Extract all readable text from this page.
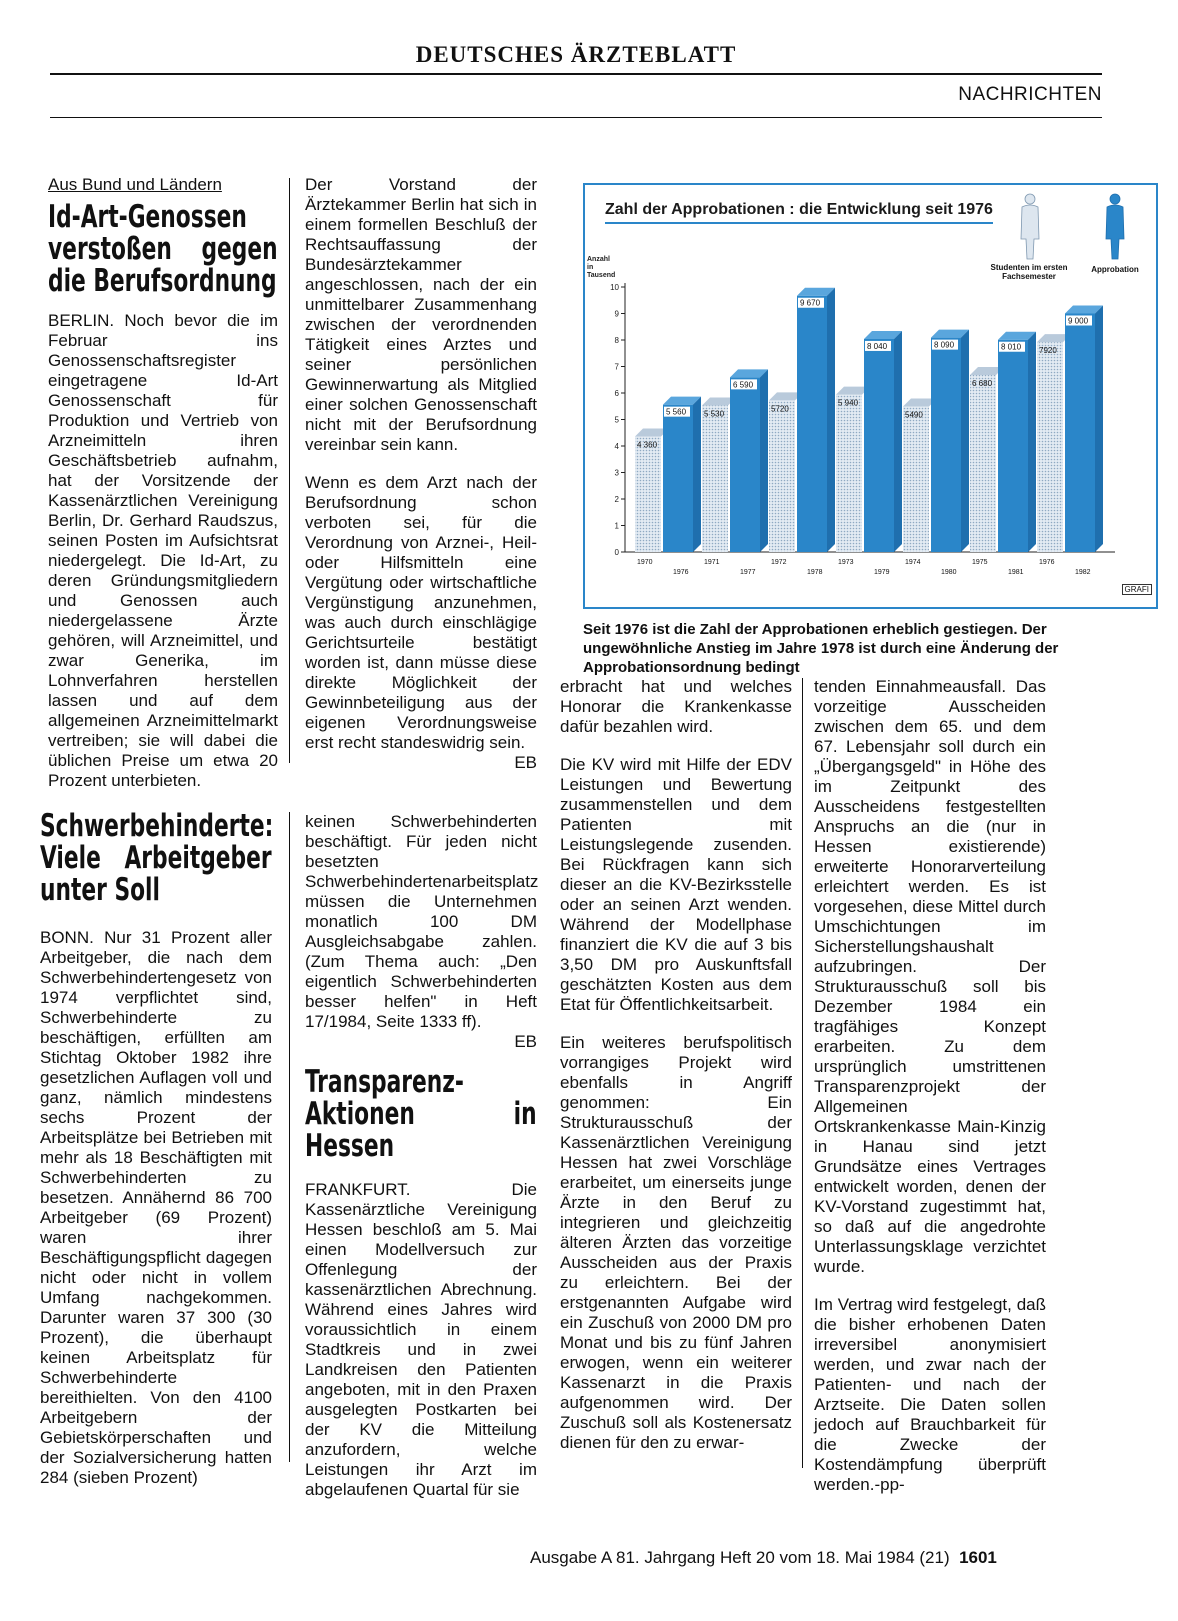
DEUTSCHES ÄRZTEBLATT
NACHRICHTEN
Aus Bund und Ländern
Id-Art-Genossen verstoßen gegen die Berufsordnung

BERLIN. Noch bevor die im Februar ins Genossenschaftsregister eingetragene Id-Art Genossenschaft für Produktion und Vertrieb von Arzneimitteln ihren Geschäftsbetrieb aufnahm, hat der Vorsitzende der Kassenärztlichen Vereinigung Berlin, Dr. Gerhard Raudszus, seinen Posten im Aufsichtsrat niedergelegt. Die Id-Art, zu deren Gründungsmitgliedern und Genossen auch niedergelassene Ärzte gehören, will Arzneimittel, und zwar Generika, im Lohnverfahren herstellen lassen und auf dem allgemeinen Arzneimittelmarkt vertreiben; sie will dabei die üblichen Preise um etwa 20 Prozent unterbieten.

Der Vorstand der Ärztekammer Berlin hat sich in einem formellen Beschluß der Rechtsauffassung der Bundesärztekammer angeschlossen, nach der ein unmittelbarer Zusammenhang zwischen der verordnenden Tätigkeit eines Arztes und seiner persönlichen Gewinnerwartung als Mitglied einer solchen Genossenschaft nicht mit der Berufsordnung vereinbar sein kann.

Wenn es dem Arzt nach der Berufsordnung schon verboten sei, für die Verordnung von Arznei-, Heil- oder Hilfsmitteln eine Vergütung oder wirtschaftliche Vergünstigung anzunehmen, was auch durch einschlägige Gerichtsurteile bestätigt worden ist, dann müsse diese direkte Möglichkeit der Gewinnbeteiligung aus der eigenen Verordnungsweise erst recht standeswidrig sein.

EB
Schwerbehinderte: Viele Arbeitgeber unter Soll

BONN. Nur 31 Prozent aller Arbeitgeber, die nach dem Schwerbehindertengesetz von 1974 verpflichtet sind, Schwerbehinderte zu beschäftigen, erfüllten am Stichtag Oktober 1982 ihre gesetzlichen Auflagen voll und ganz, nämlich mindestens sechs Prozent der Arbeitsplätze bei Betrieben mit mehr als 18 Beschäftigten mit Schwerbehinderten zu besetzen. Annähernd 86 700 Arbeitgeber (69 Prozent) waren ihrer Beschäftigungspflicht dagegen nicht oder nicht in vollem Umfang nachgekommen. Darunter waren 37 300 (30 Prozent), die überhaupt keinen Arbeitsplatz für Schwerbehinderte bereithielten. Von den 4100 Arbeitgebern der Gebietskörperschaften und der Sozialversicherung hatten 284 (sieben Prozent)

keinen Schwerbehinderten beschäftigt. Für jeden nicht besetzten Schwerbehindertenarbeitsplatz müssen die Unternehmen monatlich 100 DM Ausgleichsabgabe zahlen. (Zum Thema auch: „Den eigentlich Schwerbehinderten besser helfen" in Heft 17/1984, Seite 1333 ff).

EB
Transparenz-Aktionen in Hessen

FRANKFURT. Die Kassenärztliche Vereinigung Hessen beschloß am 5. Mai einen Modellversuch zur Offenlegung der kassenärztlichen Abrechnung. Während eines Jahres wird voraussichtlich in einem Stadtkreis und in zwei Landkreisen den Patienten angeboten, mit in den Praxen ausgelegten Postkarten bei der KV die Mitteilung anzufordern, welche Leistungen ihr Arzt im abgelaufenen Quartal für sie

Zahl der Approbationen : die Entwicklung seit 1976
Anzahl
in
Tausend
0
1
2
3
4
5
6
7
8
9
10
4 360
5 560
1970
1976
5 530
6 590
1971
1977
5720
9 670
1972
1978
5 940
8 040
1973
1979
5490
8 090
1974
1980
6 680
8 010
1975
1981
7920
9 000
1976
1982
Studenten im ersten Fachsemester
Approbation
GRAFI
Seit 1976 ist die Zahl der Approbationen erheblich gestiegen. Der ungewöhnliche Anstieg im Jahre 1978 ist durch eine Änderung der Approbationsordnung bedingt

erbracht hat und welches Honorar die Krankenkasse dafür bezahlen wird.

Die KV wird mit Hilfe der EDV Leistungen und Bewertung zusammenstellen und dem Patienten mit Leistungslegende zusenden. Bei Rückfragen kann sich dieser an die KV-Bezirksstelle oder an seinen Arzt wenden. Während der Modellphase finanziert die KV die auf 3 bis 3,50 DM pro Auskunftsfall geschätzten Kosten aus dem Etat für Öffentlichkeitsarbeit.

Ein weiteres berufspolitisch vorrangiges Projekt wird ebenfalls in Angriff genommen: Ein Strukturausschuß der Kassenärztlichen Vereinigung Hessen hat zwei Vorschläge erarbeitet, um einerseits junge Ärzte in den Beruf zu integrieren und gleichzeitig älteren Ärzten das vorzeitige Ausscheiden aus der Praxis zu erleichtern. Bei der erstgenannten Aufgabe wird ein Zuschuß von 2000 DM pro Monat und bis zu fünf Jahren erwogen, wenn ein weiterer Kassenarzt in die Praxis aufgenommen wird. Der Zuschuß soll als Kostenersatz dienen für den zu erwar-

tenden Einnahmeausfall. Das vorzeitige Ausscheiden zwischen dem 65. und dem 67. Lebensjahr soll durch ein „Übergangsgeld" in Höhe des im Zeitpunkt des Ausscheidens festgestellten Anspruchs an die (nur in Hessen existierende) erweiterte Honorarverteilung erleichtert werden. Es ist vorgesehen, diese Mittel durch Umschichtungen im Sicherstellungshaushalt aufzubringen. Der Strukturausschuß soll bis Dezember 1984 ein tragfähiges Konzept erarbeiten. Zu dem ursprünglich umstrittenen Transparenzprojekt der Allgemeinen Ortskrankenkasse Main-Kinzig in Hanau sind jetzt Grundsätze eines Vertrages entwickelt worden, denen der KV-Vorstand zugestimmt hat, so daß auf die angedrohte Unterlassungsklage verzichtet wurde.

Im Vertrag wird festgelegt, daß die bisher erhobenen Daten irreversibel anonymisiert werden, und zwar nach der Patienten- und nach der Arztseite. Die Daten sollen jedoch auf Brauchbarkeit für die Zwecke der Kostendämpfung überprüft werden.-pp-

Ausgabe A 81. Jahrgang Heft 20 vom 18. Mai 1984 (21) 1601
